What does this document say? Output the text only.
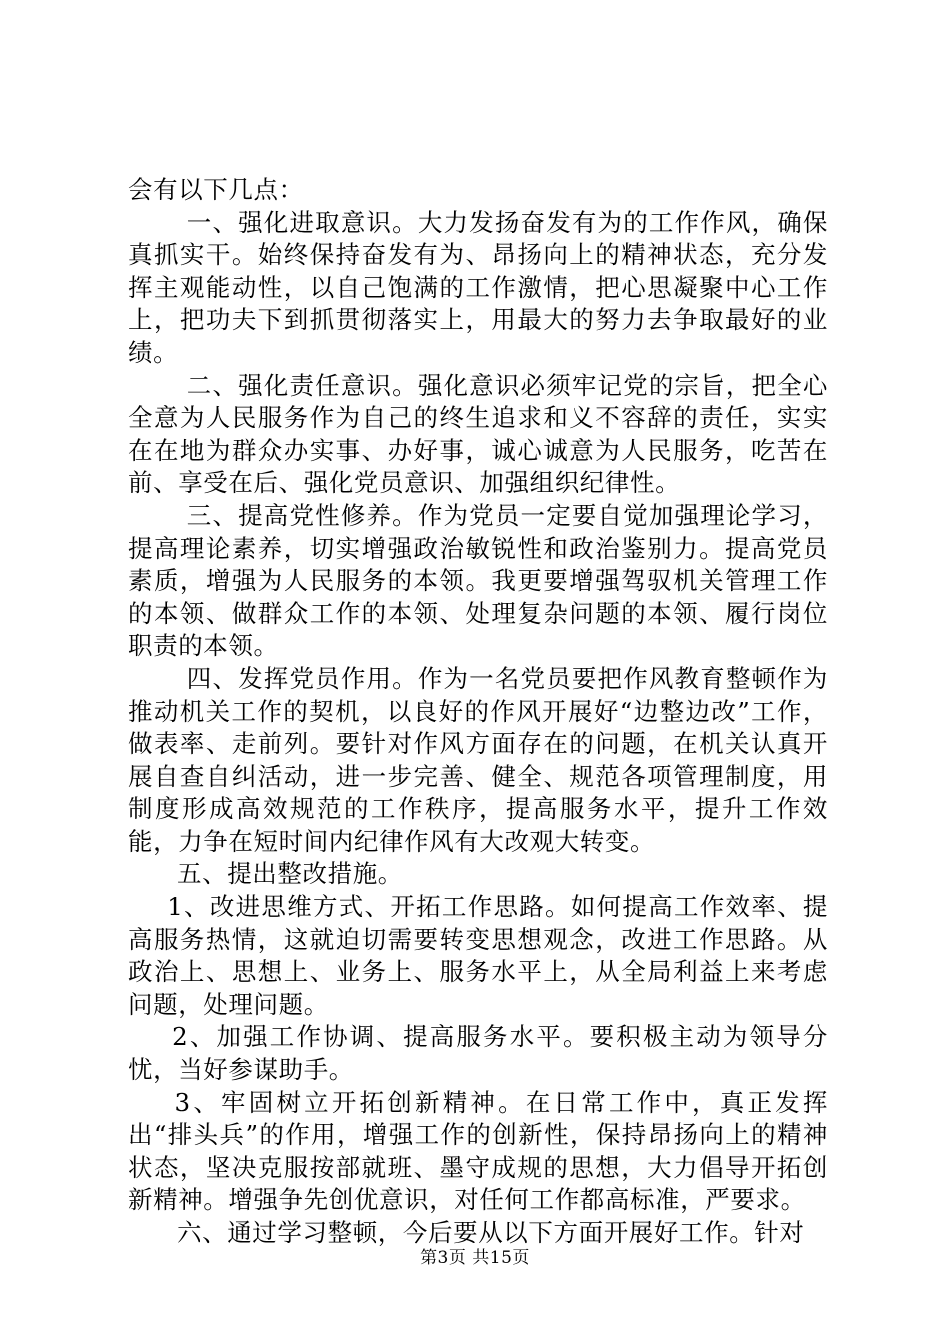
会有以下几点：

一、强化进取意识。大力发扬奋发有为的工作作风，确保真抓实干。始终保持奋发有为、昂扬向上的精神状态，充分发挥主观能动性，以自己饱满的工作激情，把心思凝聚中心工作上，把功夫下到抓贯彻落实上，用最大的努力去争取最好的业绩。

二、强化责任意识。强化意识必须牢记党的宗旨，把全心全意为人民服务作为自己的终生追求和义不容辞的责任，实实在在地为群众办实事、办好事，诚心诚意为人民服务，吃苦在前、享受在后、强化党员意识、加强组织纪律性。

三、提高党性修养。作为党员一定要自觉加强理论学习，提高理论素养，切实增强政治敏锐性和政治鉴别力。提高党员素质，增强为人民服务的本领。我更要增强驾驭机关管理工作的本领、做群众工作的本领、处理复杂问题的本领、履行岗位职责的本领。

四、发挥党员作用。作为一名党员要把作风教育整顿作为推动机关工作的契机，以良好的作风开展好“边整边改”工作，做表率、走前列。要针对作风方面存在的问题，在机关认真开展自查自纠活动，进一步完善、健全、规范各项管理制度，用制度形成高效规范的工作秩序，提高服务水平，提升工作效能，力争在短时间内纪律作风有大改观大转变。

五、提出整改措施。

1、改进思维方式、开拓工作思路。如何提高工作效率、提高服务热情，这就迫切需要转变思想观念，改进工作思路。从政治上、思想上、业务上、服务水平上，从全局利益上来考虑问题，处理问题。

2、加强工作协调、提高服务水平。要积极主动为领导分忧，当好参谋助手。

3、牢固树立开拓创新精神。在日常工作中，真正发挥出“排头兵”的作用，增强工作的创新性，保持昂扬向上的精神状态，坚决克服按部就班、墨守成规的思想，大力倡导开拓创新精神。增强争先创优意识，对任何工作都高标准，严要求。

六、通过学习整顿，今后要从以下方面开展好工作。针对

第3页 共15页
